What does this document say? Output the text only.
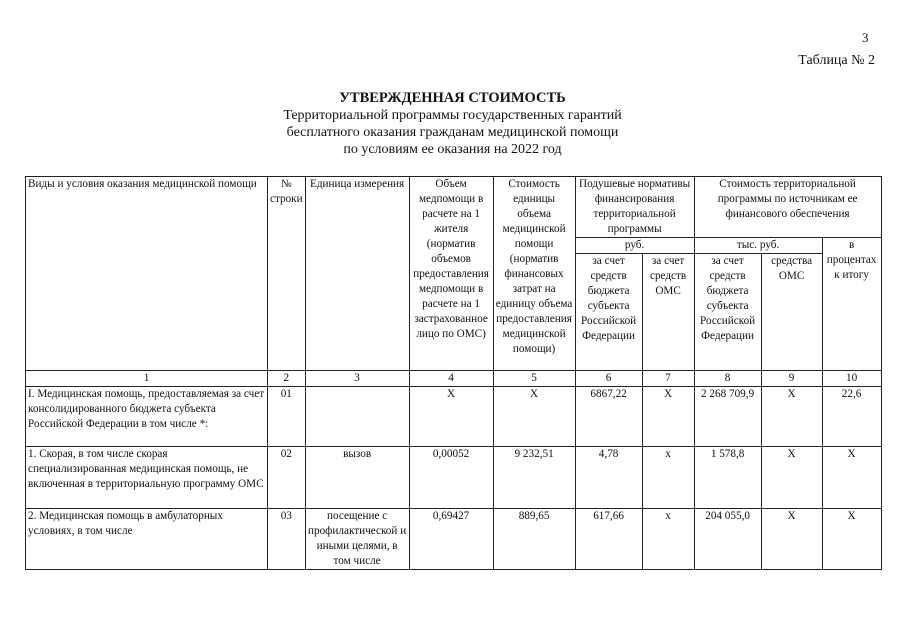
3
Таблица № 2
УТВЕРЖДЕННАЯ СТОИМОСТЬ
Территориальной программы государственных гарантий
бесплатного оказания гражданам медицинской помощи
по условиям ее оказания на 2022 год
Виды и условия оказания медицинской помощи	№ строки	Единица измерения	Объем медпомощи в расчете на 1 жителя (норматив объемов предоставления медпомощи в расчете на 1 застрахованное лицо по ОМС)	Стоимость единицы объема медицинской помощи (норматив финансовых затрат на единицу объема предоставления медицинской помощи)	Подушевые нормативы финансирования территориальной программы		Стоимость территориальной программы по источникам ее финансового обеспечения		
					руб.		тыс. руб.		в процентах к итогу
					за счет средств бюджета субъекта Российской Федерации	за счет средств ОМС	за счет средств бюджета субъекта Российской Федерации	средства ОМС	
1	2	3	4	5	6	7	8	9	10
I. Медицинская помощь, предоставляемая за счет консолидированного бюджета субъекта Российской Федерации в том числе *:	01		Х	Х	6867,22	Х	2 268 709,9	Х	22,6
1. Скорая, в том числе скорая специализированная медицинская помощь, не включенная в территориальную программу ОМС	02	вызов	0,00052	9 232,51	4,78	х	1 578,8	Х	Х
2. Медицинская помощь в амбулаторных условиях, в том числе	03	посещение с профилактической и иными целями, в том числе	0,69427	889,65	617,66	х	204 055,0	Х	Х
